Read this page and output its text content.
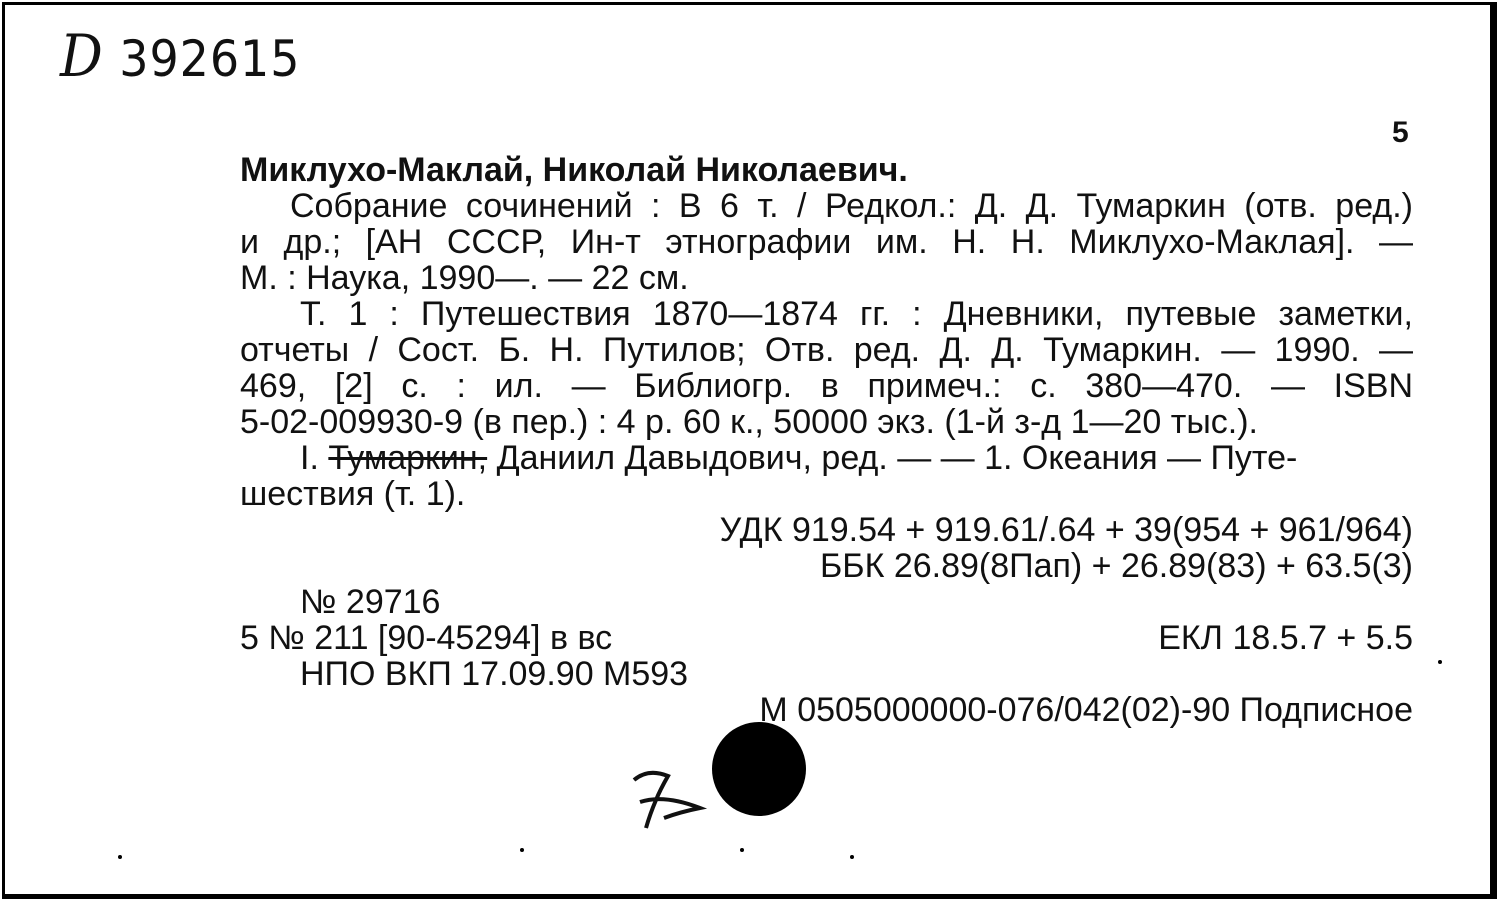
D 392615
5
Миклухо-Маклай, Николай Николаевич.
Собрание сочинений : В 6 т. / Редкол.: Д. Д. Тумаркин (отв. ред.)
и др.; [АН СССР, Ин-т этнографии им. Н. Н. Миклухо-Маклая]. —
М. : Наука, 1990—. — 22 см.
Т. 1 : Путешествия 1870—1874 гг. : Дневники, путевые заметки,
отчеты / Сост. Б. Н. Путилов; Отв. ред. Д. Д. Тумаркин. — 1990. —
469, [2] с. : ил. — Библиогр. в примеч.: с. 380—470. — ISBN
5-02-009930-9 (в пер.) : 4 р. 60 к., 50000 экз. (1-й з-д 1—20 тыс.).
I. Тумаркин, Даниил Давыдович, ред. — — 1. Океания — Путе-
шествия (т. 1).
УДК 919.54 + 919.61/.64 + 39(954 + 961/964)
ББК 26.89(8Пап) + 26.89(83) + 63.5(3)
№ 29716
5 № 211 [90-45294] в вс	ЕКЛ 18.5.7 + 5.5
НПО ВКП 17.09.90 М593
М 0505000000-076/042(02)-90 Подписное
